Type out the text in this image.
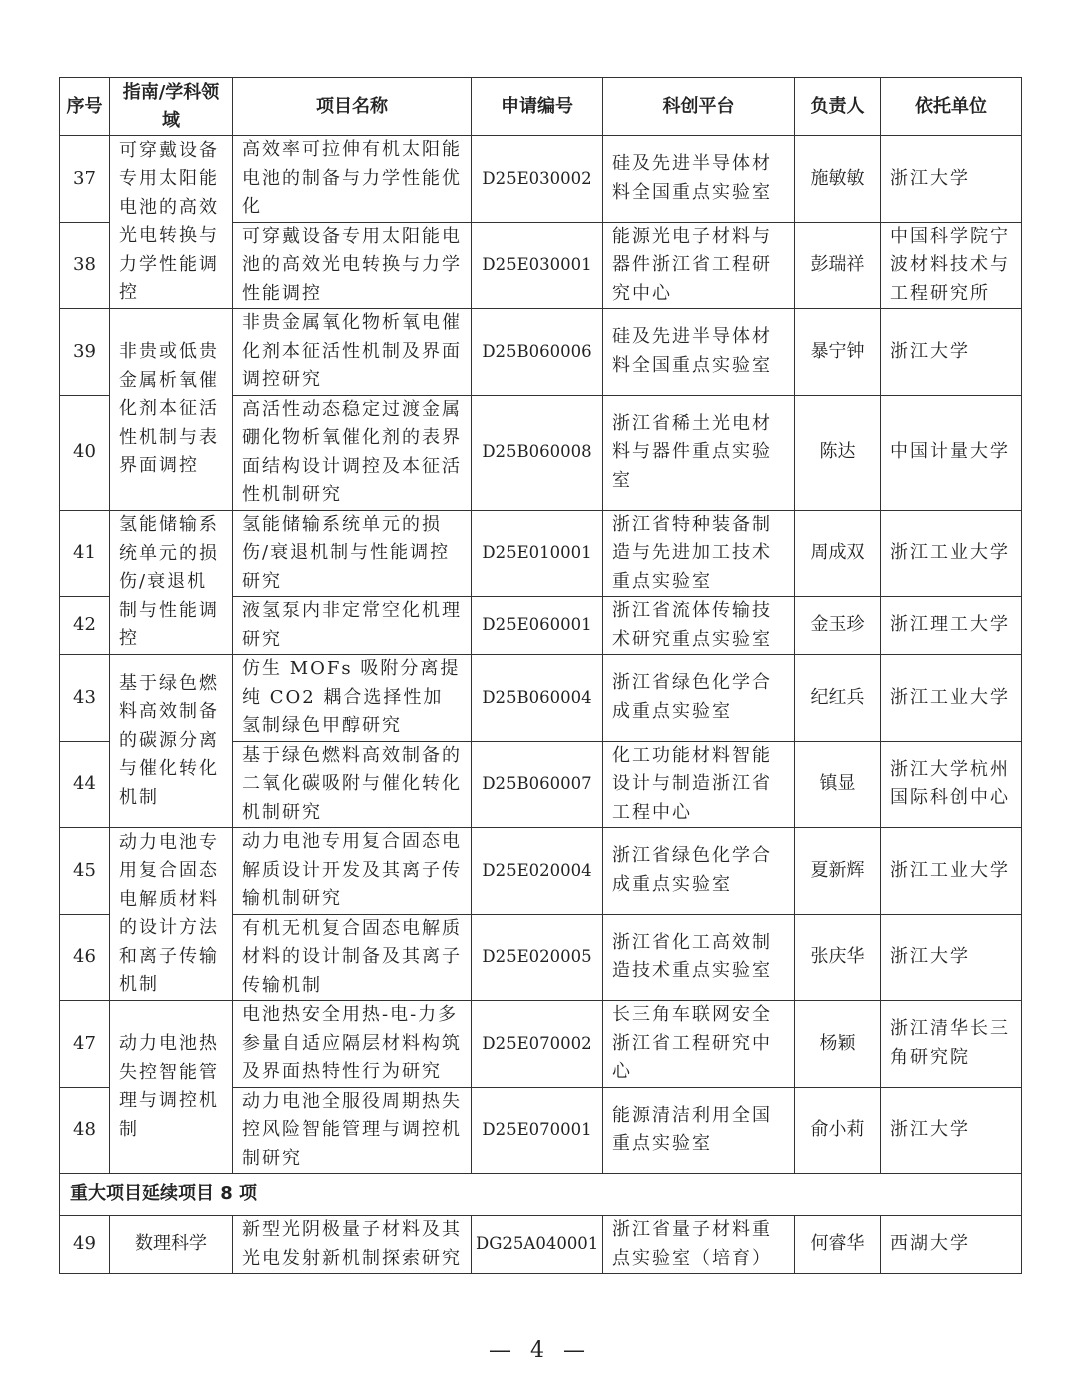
序号	指南/学科领域	项目名称	申请编号	科创平台	负责人	依托单位
37	可穿戴设备专用太阳能电池的高效光电转换与力学性能调控	高效率可拉伸有机太阳能电池的制备与力学性能优化	D25E030002	硅及先进半导体材料全国重点实验室	施敏敏	浙江大学
38		可穿戴设备专用太阳能电池的高效光电转换与力学性能调控	D25E030001	能源光电子材料与器件浙江省工程研究中心	彭瑞祥	中国科学院宁波材料技术与工程研究所
39	非贵或低贵金属析氧催化剂本征活性机制与表界面调控	非贵金属氧化物析氧电催化剂本征活性机制及界面调控研究	D25B060006	硅及先进半导体材料全国重点实验室	暴宁钟	浙江大学
40		高活性动态稳定过渡金属硼化物析氧催化剂的表界面结构设计调控及本征活性机制研究	D25B060008	浙江省稀土光电材料与器件重点实验室	陈达	中国计量大学
41	氢能储输系统单元的损伤/衰退机制与性能调控	氢能储输系统单元的损伤/衰退机制与性能调控研究	D25E010001	浙江省特种装备制造与先进加工技术重点实验室	周成双	浙江工业大学
42		液氢泵内非定常空化机理研究	D25E060001	浙江省流体传输技术研究重点实验室	金玉珍	浙江理工大学
43	基于绿色燃料高效制备的碳源分离与催化转化机制	仿生 MOFs 吸附分离提纯 CO2 耦合选择性加氢制绿色甲醇研究	D25B060004	浙江省绿色化学合成重点实验室	纪红兵	浙江工业大学
44		基于绿色燃料高效制备的二氧化碳吸附与催化转化机制研究	D25B060007	化工功能材料智能设计与制造浙江省工程中心	镇显	浙江大学杭州国际科创中心
45	动力电池专用复合固态电解质材料的设计方法和离子传输机制	动力电池专用复合固态电解质设计开发及其离子传输机制研究	D25E020004	浙江省绿色化学合成重点实验室	夏新辉	浙江工业大学
46		有机无机复合固态电解质材料的设计制备及其离子传输机制	D25E020005	浙江省化工高效制造技术重点实验室	张庆华	浙江大学
47	动力电池热失控智能管理与调控机制	电池热安全用热-电-力多参量自适应隔层材料构筑及界面热特性行为研究	D25E070002	长三角车联网安全浙江省工程研究中心	杨颖	浙江清华长三角研究院
48		动力电池全服役周期热失控风险智能管理与调控机制研究	D25E070001	能源清洁利用全国重点实验室	俞小莉	浙江大学
重大项目延续项目 8 项						
49	数理科学	新型光阴极量子材料及其光电发射新机制探索研究	DG25A040001	浙江省量子材料重点实验室（培育）	何睿华	西湖大学
— 4 —
